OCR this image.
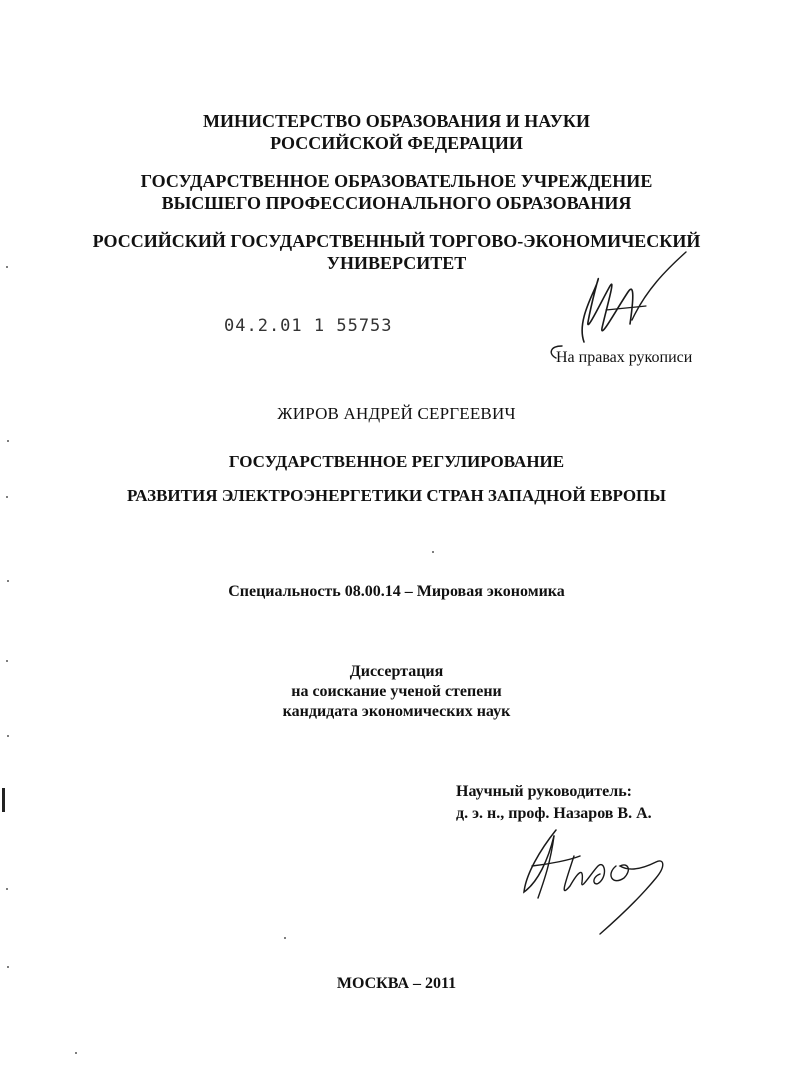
МИНИСТЕРСТВО ОБРАЗОВАНИЯ И НАУКИ
РОССИЙСКОЙ ФЕДЕРАЦИИ
ГОСУДАРСТВЕННОЕ ОБРАЗОВАТЕЛЬНОЕ УЧРЕЖДЕНИЕ
ВЫСШЕГО ПРОФЕССИОНАЛЬНОГО ОБРАЗОВАНИЯ
РОССИЙСКИЙ ГОСУДАРСТВЕННЫЙ ТОРГОВО-ЭКОНОМИЧЕСКИЙ
УНИВЕРСИТЕТ
04.2.01 1 55753
На правах рукописи
ЖИРОВ АНДРЕЙ СЕРГЕЕВИЧ
ГОСУДАРСТВЕННОЕ РЕГУЛИРОВАНИЕ
РАЗВИТИЯ ЭЛЕКТРОЭНЕРГЕТИКИ СТРАН ЗАПАДНОЙ ЕВРОПЫ
Специальность 08.00.14 – Мировая экономика
Диссертация
на соискание ученой степени
кандидата экономических наук
Научный руководитель:
д. э. н., проф. Назаров В. А.
МОСКВА – 2011
